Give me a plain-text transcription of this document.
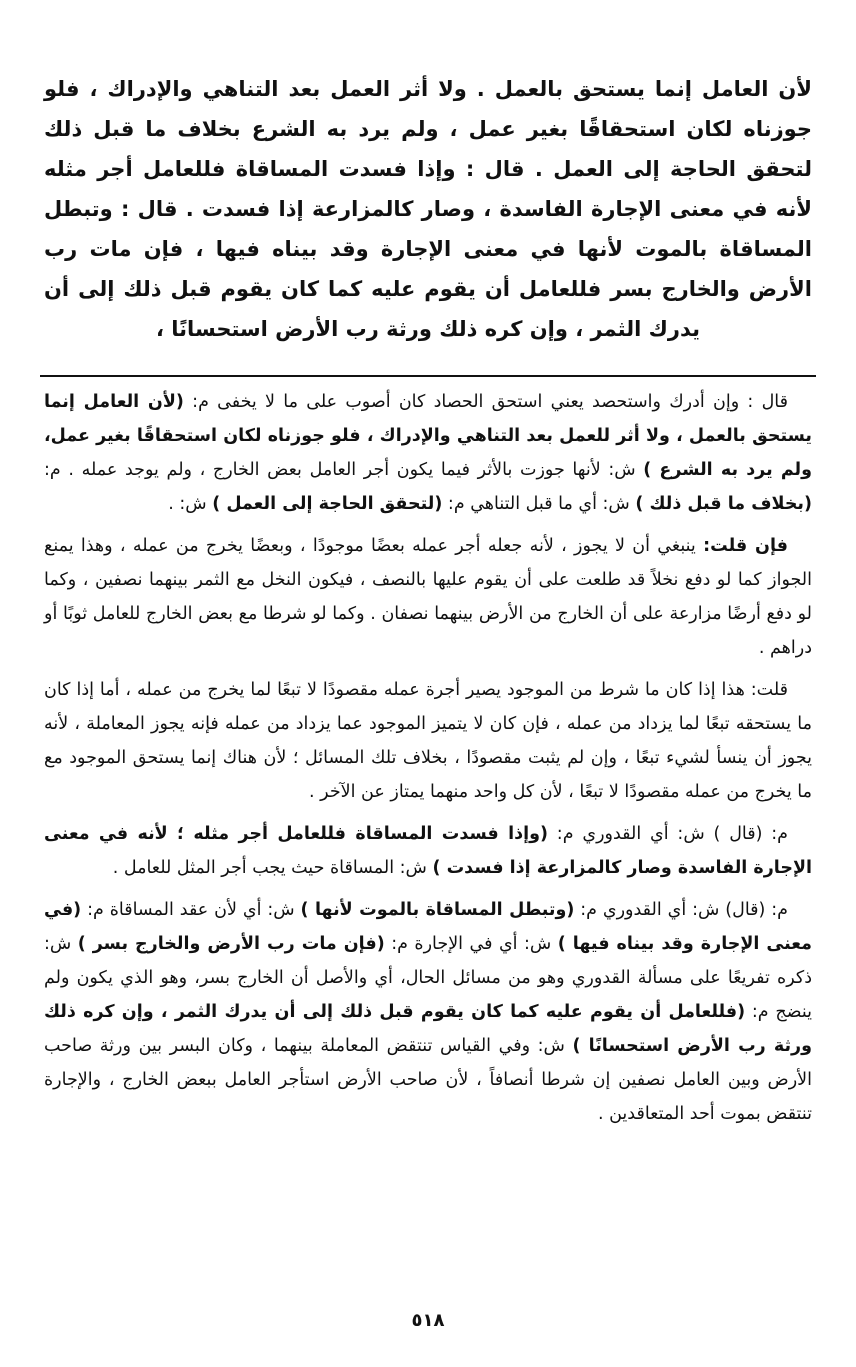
لأن العامل إنما يستحق بالعمل . ولا أثر العمل بعد التناهي والإدراك ، فلو جوزناه لكان استحقاقًا بغير عمل ، ولم يرد به الشرع بخلاف ما قبل ذلك لتحقق الحاجة إلى العمل . قال : وإذا فسدت المساقاة فللعامل أجر مثله لأنه في معنى الإجارة الفاسدة ، وصار كالمزارعة إذا فسدت . قال : وتبطل المساقاة بالموت لأنها في معنى الإجارة وقد بيناه فيها ، فإن مات رب الأرض والخارج بسر فللعامل أن يقوم عليه كما كان يقوم قبل ذلك إلى أن يدرك الثمر ، وإن كره ذلك ورثة رب الأرض استحسانًا ،

قال : وإن أدرك واستحصد يعني استحق الحصاد كان أصوب على ما لا يخفى م: (لأن العامل إنما يستحق بالعمل ، ولا أثر للعمل بعد التناهي والإدراك ، فلو جوزناه لكان استحقاقًا بغير عمل، ولم يرد به الشرع ) ش: لأنها جوزت بالأثر فيما يكون أجر العامل بعض الخارج ، ولم يوجد عمله . م: (بخلاف ما قبل ذلك ) ش: أي ما قبل التناهي م: (لتحقق الحاجة إلى العمل ) ش: .

فإن قلت: ينبغي أن لا يجوز ، لأنه جعله أجر عمله بعضًا موجودًا ، وبعضًا يخرج من عمله ، وهذا يمنع الجواز كما لو دفع نخلاً قد طلعت على أن يقوم عليها بالنصف ، فيكون النخل مع الثمر بينهما نصفين ، وكما لو دفع أرضًا مزارعة على أن الخارج من الأرض بينهما نصفان . وكما لو شرطا مع بعض الخارج للعامل ثوبًا أو دراهم .

قلت: هذا إذا كان ما شرط من الموجود يصير أجرة عمله مقصودًا لا تبعًا لما يخرج من عمله ، أما إذا كان ما يستحقه تبعًا لما يزداد من عمله ، فإن كان لا يتميز الموجود عما يزداد من عمله فإنه يجوز المعاملة ، لأنه يجوز أن ينسأ لشيء تبعًا ، وإن لم يثبت مقصودًا ، بخلاف تلك المسائل ؛ لأن هناك إنما يستحق الموجود مع ما يخرج من عمله مقصودًا لا تبعًا ، لأن كل واحد منهما يمتاز عن الآخر .

م: (قال ) ش: أي القدوري م: (وإذا فسدت المساقاة فللعامل أجر مثله ؛ لأنه في معنى الإجارة الفاسدة وصار كالمزارعة إذا فسدت ) ش: المساقاة حيث يجب أجر المثل للعامل .

م: (قال) ش: أي القدوري م: (وتبطل المساقاة بالموت لأنها ) ش: أي لأن عقد المساقاة م: (في معنى الإجارة وقد بيناه فيها ) ش: أي في الإجارة م: (فإن مات رب الأرض والخارج بسر ) ش: ذكره تفريعًا على مسألة القدوري وهو من مسائل الحال، أي والأصل أن الخارج بسر، وهو الذي يكون ولم ينضج م: (فللعامل أن يقوم عليه كما كان يقوم قبل ذلك إلى أن يدرك الثمر ، وإن كره ذلك ورثة رب الأرض استحسانًا ) ش: وفي القياس تنتقض المعاملة بينهما ، وكان البسر بين ورثة صاحب الأرض وبين العامل نصفين إن شرطا أنصافاً ، لأن صاحب الأرض استأجر العامل ببعض الخارج ، والإجارة تنتقض بموت أحد المتعاقدين .

٥١٨
